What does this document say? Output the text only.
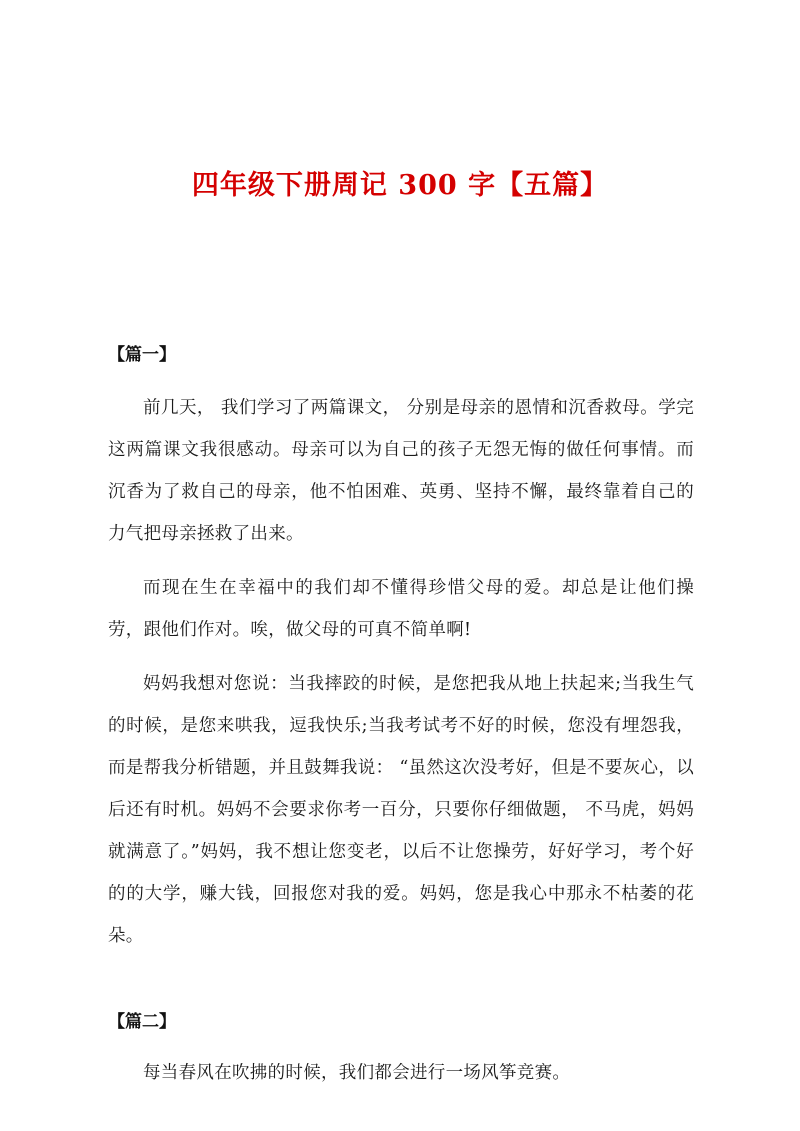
四年级下册周记 300 字【五篇】
【篇一】
前几天， 我们学习了两篇课文， 分别是母亲的恩情和沉香救母。学完这两篇课文我很感动。母亲可以为自己的孩子无怨无悔的做任何事情。而沉香为了救自己的母亲，他不怕困难、英勇、坚持不懈，最终靠着自己的力气把母亲拯救了出来。
而现在生在幸福中的我们却不懂得珍惜父母的爱。却总是让他们操劳，跟他们作对。唉，做父母的可真不简单啊!
妈妈我想对您说：当我摔跤的时候，是您把我从地上扶起来;当我生气的时候，是您来哄我，逗我快乐;当我考试考不好的时候，您没有埋怨我，而是帮我分析错题，并且鼓舞我说： “虽然这次没考好，但是不要灰心，以后还有时机。妈妈不会要求你考一百分，只要你仔细做题， 不马虎，妈妈就满意了。”妈妈，我不想让您变老，以后不让您操劳，好好学习，考个好的的大学，赚大钱，回报您对我的爱。妈妈，您是我心中那永不枯萎的花朵。
【篇二】
每当春风在吹拂的时候，我们都会进行一场风筝竞赛。
